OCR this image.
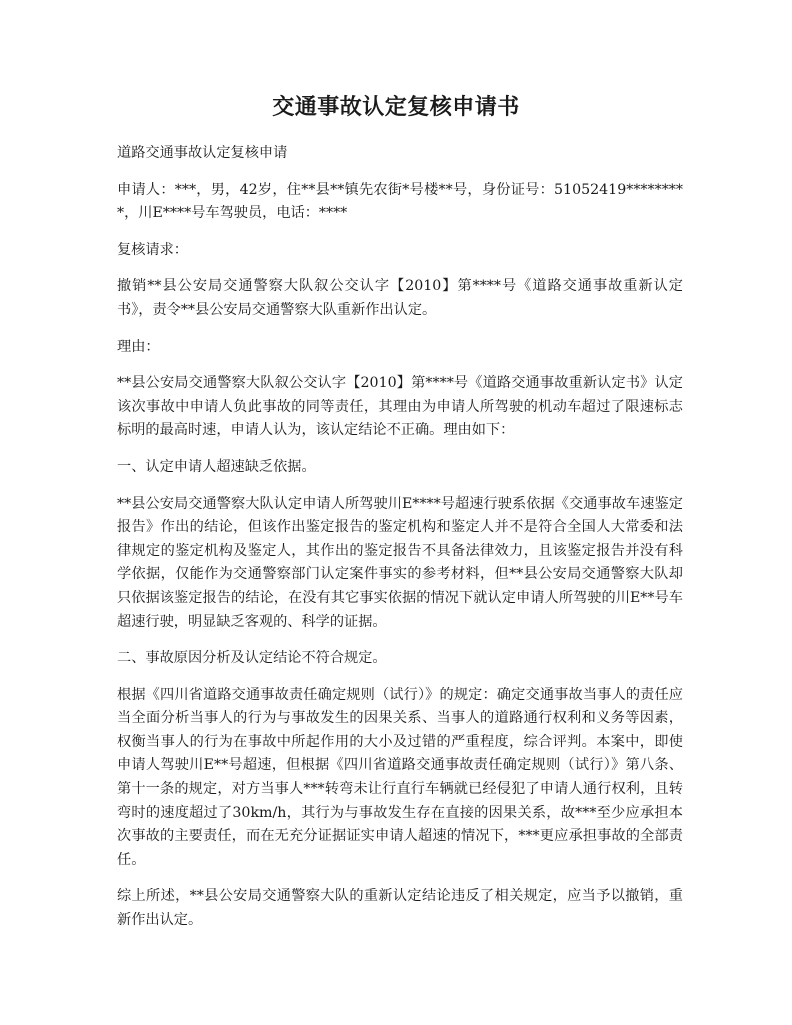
交通事故认定复核申请书

道路交通事故认定复核申请

申请人：***，男，42岁，住**县**镇先农街*号楼**号，身份证号：51052419*********，川E****号车驾驶员，电话：****

复核请求：

撤销**县公安局交通警察大队叙公交认字【2010】第****号《道路交通事故重新认定书》，责令**县公安局交通警察大队重新作出认定。

理由：

**县公安局交通警察大队叙公交认字【2010】第****号《道路交通事故重新认定书》认定该次事故中申请人负此事故的同等责任，其理由为申请人所驾驶的机动车超过了限速标志标明的最高时速，申请人认为，该认定结论不正确。理由如下：

一、认定申请人超速缺乏依据。

**县公安局交通警察大队认定申请人所驾驶川E****号超速行驶系依据《交通事故车速鉴定报告》作出的结论，但该作出鉴定报告的鉴定机构和鉴定人并不是符合全国人大常委和法律规定的鉴定机构及鉴定人，其作出的鉴定报告不具备法律效力，且该鉴定报告并没有科学依据，仅能作为交通警察部门认定案件事实的参考材料，但**县公安局交通警察大队却只依据该鉴定报告的结论，在没有其它事实依据的情况下就认定申请人所驾驶的川E**号车超速行驶，明显缺乏客观的、科学的证据。

二、事故原因分析及认定结论不符合规定。

根据《四川省道路交通事故责任确定规则（试行）》的规定：确定交通事故当事人的责任应当全面分析当事人的行为与事故发生的因果关系、当事人的道路通行权利和义务等因素，权衡当事人的行为在事故中所起作用的大小及过错的严重程度，综合评判。本案中，即使申请人驾驶川E**号超速，但根据《四川省道路交通事故责任确定规则（试行）》第八条、第十一条的规定，对方当事人***转弯未让行直行车辆就已经侵犯了申请人通行权利，且转弯时的速度超过了30km/h，其行为与事故发生存在直接的因果关系，故***至少应承担本次事故的主要责任，而在无充分证据证实申请人超速的情况下，***更应承担事故的全部责任。

综上所述，**县公安局交通警察大队的重新认定结论违反了相关规定，应当予以撤销，重新作出认定。
